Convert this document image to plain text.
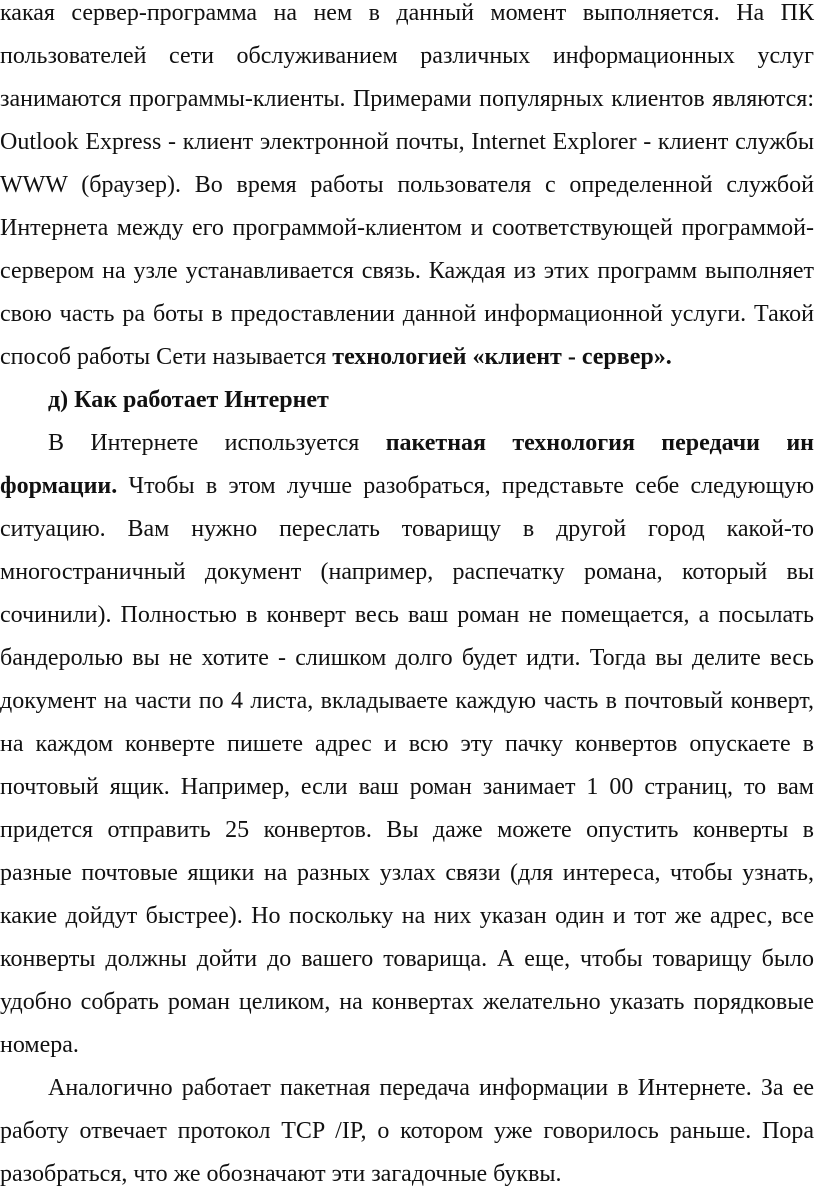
какая сервер-программа на нем в данный момент выполняется. На ПК пользователей сети обслуживанием различных информационных услуг занимаются программы-клиенты. Примерами популярных клиентов являются: Outlook Express - клиент электронной почты, Internet Explorer - клиент службы WWW (браузер). Во время работы пользователя с определенной службой Интернета между его программой-клиентом и соответствующей программой-сервером на узле устанавливается связь. Каждая из этих программ выполняет свою часть ра боты в предоставлении данной информационной услуги. Такой способ работы Сети называется технологией «клиент - сервер».

д) Как работает Интернет

В Интернете используется пакетная технология передачи ин формации. Чтобы в этом лучше разобраться, представьте себе следующую ситуацию. Вам нужно переслать товарищу в другой город какой-то многостраничный документ (например, распечатку романа, который вы сочинили). Полностью в конверт весь ваш роман не помещается, а посылать бандеролью вы не хотите - слишком долго будет идти. Тогда вы делите весь документ на части по 4 листа, вкладываете каждую часть в почтовый конверт, на каждом конверте пишете адрес и всю эту пачку конвертов опускаете в почтовый ящик. Например, если ваш роман занимает 1 00 страниц, то вам придется отправить 25 конвертов. Вы даже можете опустить конверты в разные почтовые ящики на разных узлах связи (для интереса, чтобы узнать, какие дойдут быстрее). Но поскольку на них указан один и тот же адрес, все конверты должны дойти до вашего товарища. А еще, чтобы товарищу было удобно собрать роман целиком, на конвертах желательно указать порядковые номера.

Аналогично работает пакетная передача информации в Интернете. За ее работу отвечает протокол TCP /IP, о котором уже говорилось раньше. Пора разобраться, что же обозначают эти загадочные буквы.
